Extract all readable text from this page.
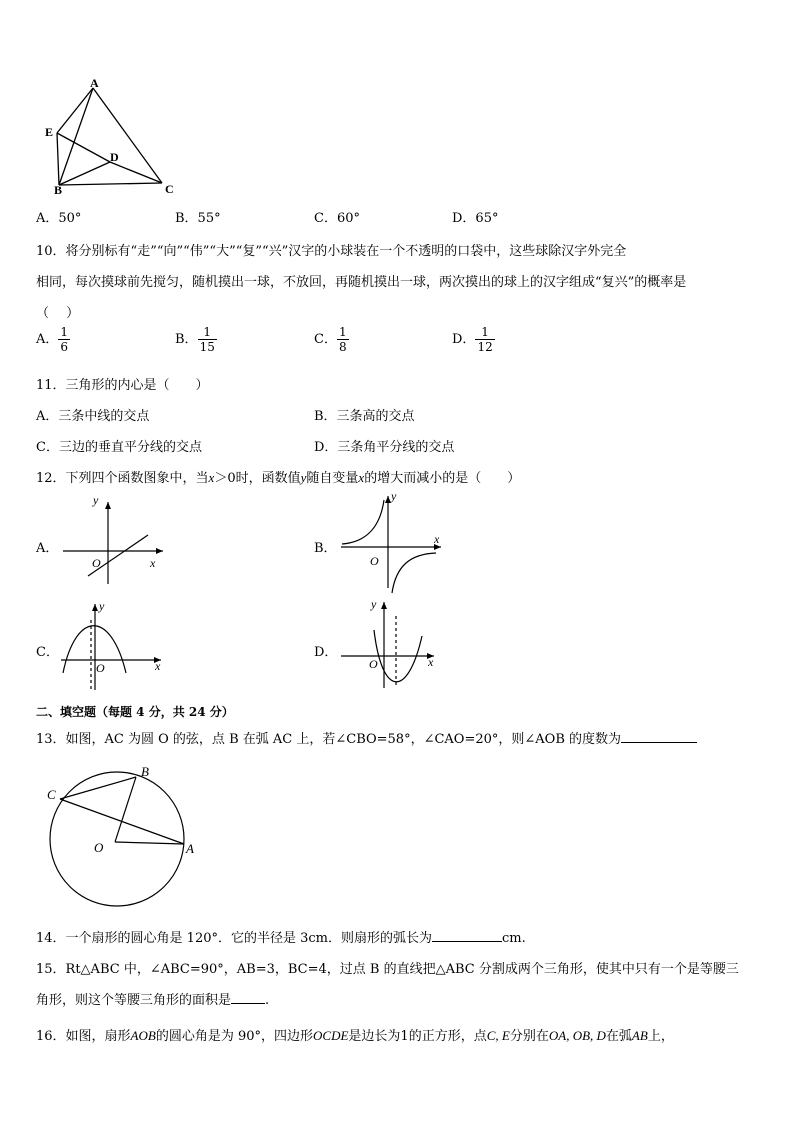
A
E
D
B	C
A．50°	B．55°	C．60°	D．65°
10．将分别标有“走”“向”“伟”“大”“复”“兴”汉字的小球装在一个不透明的口袋中，这些球除汉字外完全
相同，每次摸球前先搅匀，随机摸出一球，不放回，再随机摸出一球，两次摸出的球上的汉字组成“复兴”的概率是
（　 ）
A． $\frac{1}{6}$	B． $\frac{1}{15}$	C． $\frac{1}{8}$	D． $\frac{1}{12}$
11．三角形的内心是（　　）
A．三条中线的交点	B．三条高的交点
C．三边的垂直平分线的交点	D．三条角平分线的交点
12．下列四个函数图象中，当x＞0时，函数值y随自变量x的增大而减小的是（　　）
A．	B．
C．	D．
y
x
O
y
x
O
y
x
O
y
x
O
二、填空题（每题 4 分，共 24 分）
13．如图，AC 为圆 O 的弦，点 B 在弧 AC 上，若∠CBO=58°，∠CAO=20°，则∠AOB 的度数为
C
B
O	A
14．一个扇形的圆心角是 120°．它的半径是 3cm．则扇形的弧长为	cm.
15．Rt△ABC 中，∠ABC=90°，AB=3，BC=4，过点 B 的直线把△ABC 分割成两个三角形，使其中只有一个是等腰三
角形，则这个等腰三角形的面积是	.
16．如图，扇形AOB的圆心角是为 90°，四边形OCDE是边长为1的正方形，点C, E分别在OA, OB, D在弧AB上，
